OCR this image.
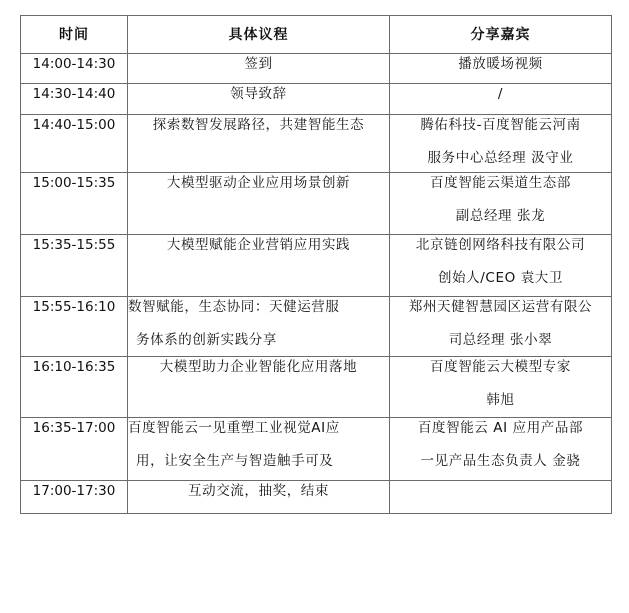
时间	具体议程	分享嘉宾
14:00-14:30	签到	播放暖场视频

14:30-14:40	领导致辞	/

14:40-15:00	探索数智发展路径，共建智能生态	腾佑科技-百度智能云河南
服务中心总经理 汲守业

15:00-15:35	大模型驱动企业应用场景创新	百度智能云渠道生态部
副总经理 张龙

15:35-15:55	大模型赋能企业营销应用实践	北京链创网络科技有限公司
创始人/CEO 袁大卫

15:55-16:10	数智赋能，生态协同：天健运营服
务体系的创新实践分享	郑州天健智慧园区运营有限公
司总经理 张小翠

16:10-16:35	大模型助力企业智能化应用落地	百度智能云大模型专家
韩旭

16:35-17:00	百度智能云一见重塑工业视觉AI应
用，让安全生产与智造触手可及	百度智能云 AI 应用产品部
一见产品生态负责人 金骁

17:00-17:30	互动交流，抽奖，结束	
